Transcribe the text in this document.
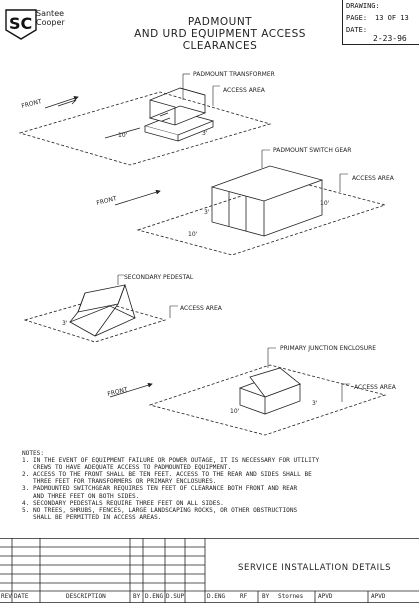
SC
Santee
Cooper	PADMOUNT
AND URD EQUIPMENT ACCESS
CLEARANCES
DRAWING:
PAGE: 13 OF 13
DATE:
2-23-96
PADMOUNT TRANSFORMER
ACCESS AREA
FRONT
10'	3'
PADMOUNT SWITCH GEAR
ACCESS AREA
FRONT
10'
10'
3'
SECONDARY PEDESTAL
ACCESS AREA
3'
PRIMARY JUNCTION ENCLOSURE
ACCESS AREA
FRONT
10'
3'
NOTES:
1. IN THE EVENT OF EQUIPMENT FAILURE OR POWER OUTAGE, IT IS NECESSARY FOR UTILITY
CREWS TO HAVE ADEQUATE ACCESS TO PADMOUNTED EQUIPMENT.
2. ACCESS TO THE FRONT SHALL BE TEN FEET. ACCESS TO THE REAR AND SIDES SHALL BE
THREE FEET FOR TRANSFORMERS OR PRIMARY ENCLOSURES.
3. PADMOUNTED SWITCHGEAR REQUIRES TEN FEET OF CLEARANCE BOTH FRONT AND REAR
AND THREE FEET ON BOTH SIDES.
4. SECONDARY PEDESTALS REQUIRE THREE FEET ON ALL SIDES.
5. NO TREES, SHRUBS, FENCES, LARGE LANDSCAPING ROCKS, OR OTHER OBSTRUCTIONS
SHALL BE PERMITTED IN ACCESS AREAS.
SERVICE INSTALLATION DETAILS
REV DATE	DESCRIPTION	BY D.ENG D.SUP	D.ENG RF BY Stornes APVD	APVD
